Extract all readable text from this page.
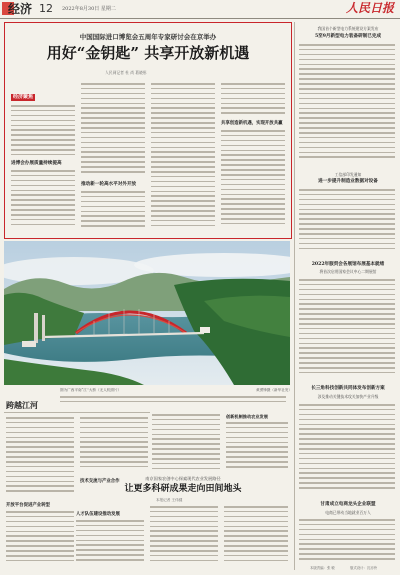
经济 12 2022年8月30日 星期二	人民日报
中国国际进口博览会五周年专家研讨会在京举办
用好“金钥匙” 共享开放新机遇
人民网记者 杜 尚 葛晓彤
经济聚焦
进博会办展质量持续提高
推动新一轮高水平对外开放
共享创造新机遇，实现开放共赢
我国首个新型电力系统建设方案发布
5至9月新型电力装备研制已完成
工信部印发通知
进一步提升制造业数据对设备
2022年服贸会各展馆布展基本就绪
将首次启用国家会议中心二期展馆
长三角科技创新共同体发布创新方案
涉及推动关键技术攻关加快产业升级
甘肃成立电商龙头企业联盟
电商已带动当地就业百万人
图为广西平南“江”大桥（无人机照片）	黄勇锋摄（新华社发）
跨越江河
开放平台促进产业转型
技术交流与产业合作
南京国家农创中心探索现代农业发展路径
让更多科研成果走向田间地头
本报记者 王伟健
人才队伍建设推动发展
创新机制推动农业发展
本版责编：张 敏	版式设计：沈亦伶
